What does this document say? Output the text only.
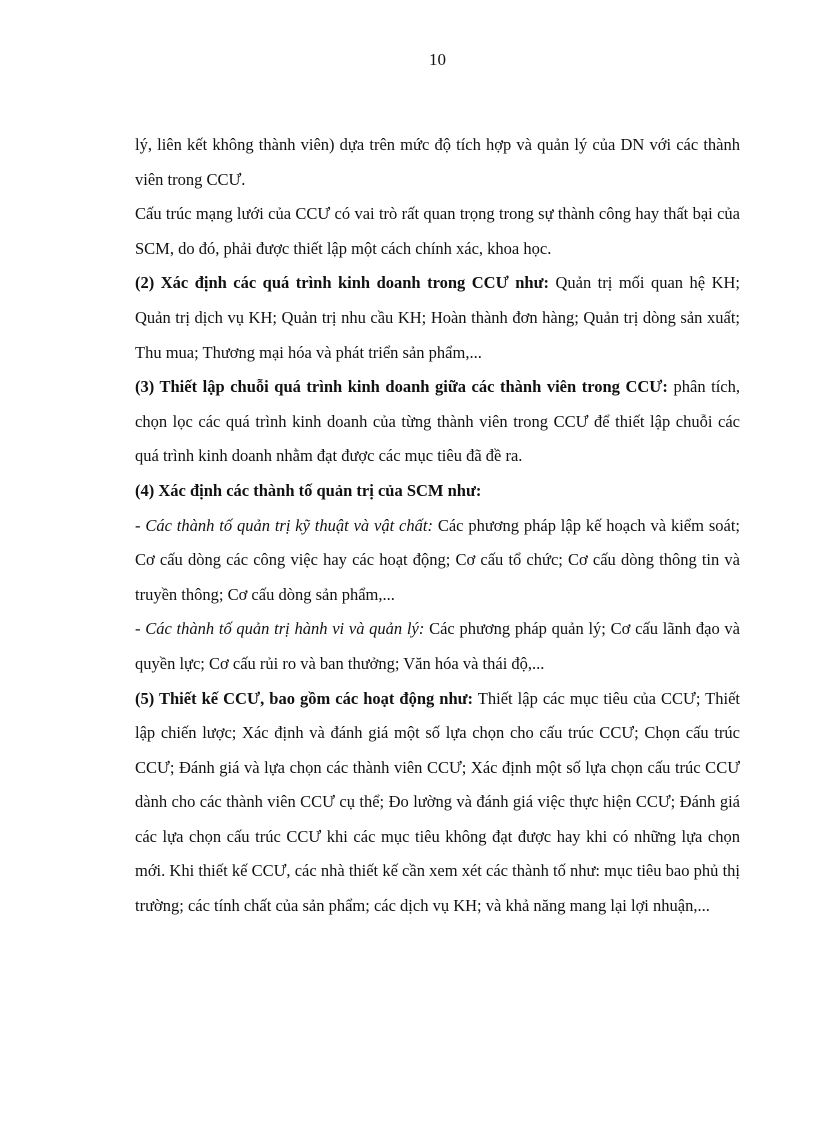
10

lý, liên kết không thành viên) dựa trên mức độ tích hợp và quản lý của DN với các thành viên trong CCƯ.

Cấu trúc mạng lưới của CCƯ có vai trò rất quan trọng trong sự thành công hay thất bại của SCM, do đó, phải được thiết lập một cách chính xác, khoa học.

(2) Xác định các quá trình kinh doanh trong CCƯ như: Quản trị mối quan hệ KH; Quản trị dịch vụ KH; Quản trị nhu cầu KH; Hoàn thành đơn hàng; Quản trị dòng sản xuất; Thu mua; Thương mại hóa và phát triển sản phẩm,...

(3) Thiết lập chuỗi quá trình kinh doanh giữa các thành viên trong CCƯ: phân tích, chọn lọc các quá trình kinh doanh của từng thành viên trong CCƯ để thiết lập chuỗi các quá trình kinh doanh nhằm đạt được các mục tiêu đã đề ra.

(4) Xác định các thành tố quản trị của SCM như:

- Các thành tố quản trị kỹ thuật và vật chất: Các phương pháp lập kế hoạch và kiểm soát; Cơ cấu dòng các công việc hay các hoạt động; Cơ cấu tổ chức; Cơ cấu dòng thông tin và truyền thông; Cơ cấu dòng sản phẩm,...

- Các thành tố quản trị hành vi và quản lý: Các phương pháp quản lý; Cơ cấu lãnh đạo và quyền lực; Cơ cấu rủi ro và ban thưởng; Văn hóa và thái độ,...

(5) Thiết kế CCƯ, bao gồm các hoạt động như: Thiết lập các mục tiêu của CCƯ; Thiết lập chiến lược; Xác định và đánh giá một số lựa chọn cho cấu trúc CCƯ; Chọn cấu trúc CCƯ; Đánh giá và lựa chọn các thành viên CCƯ; Xác định một số lựa chọn cấu trúc CCƯ dành cho các thành viên CCƯ cụ thể; Đo lường và đánh giá việc thực hiện CCƯ; Đánh giá các lựa chọn cấu trúc CCƯ khi các mục tiêu không đạt được hay khi có những lựa chọn mới. Khi thiết kế CCƯ, các nhà thiết kế cần xem xét các thành tố như: mục tiêu bao phủ thị trường; các tính chất của sản phẩm; các dịch vụ KH; và khả năng mang lại lợi nhuận,...
